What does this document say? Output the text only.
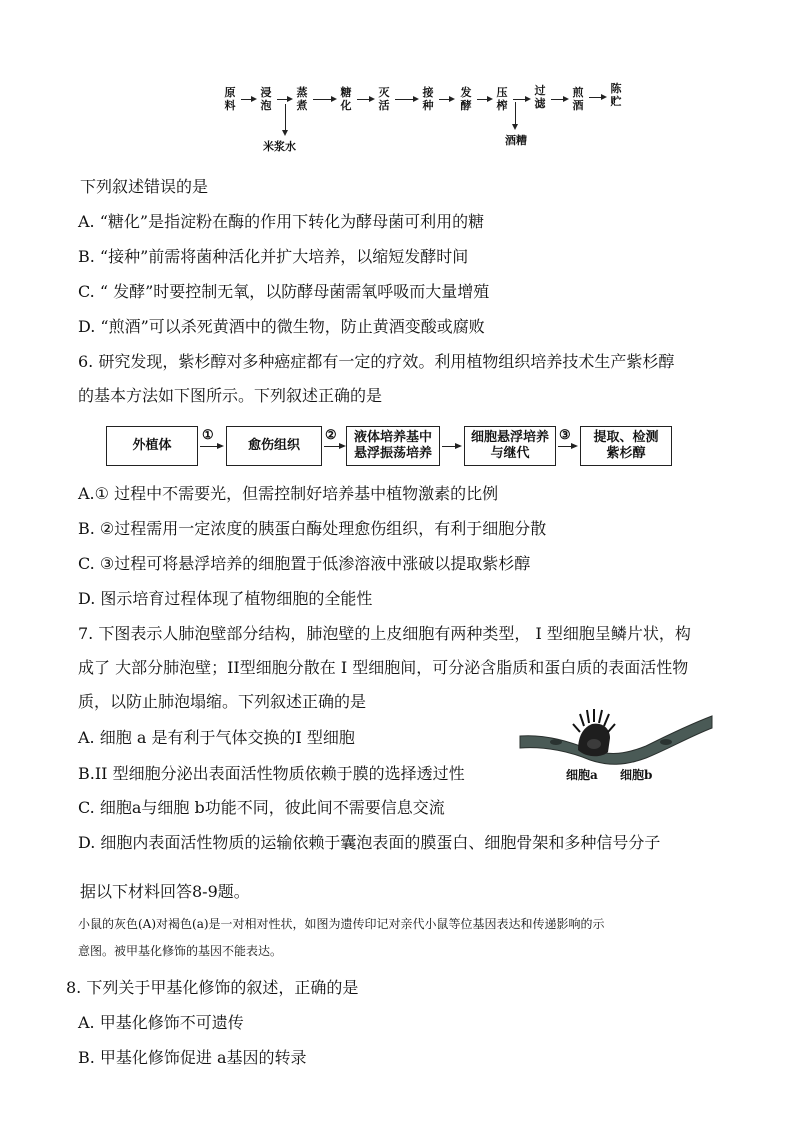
原料
浸泡
蒸煮
米浆水
糖化
灭活
接种
发酵
压榨
酒糟
过滤
煎酒
陈贮
下列叙述错误的是
A. “糖化”是指淀粉在酶的作用下转化为酵母菌可利用的糖
B. “接种”前需将菌种活化并扩大培养，以缩短发酵时间
C. “ 发酵”时要控制无氧，以防酵母菌需氧呼吸而大量增殖
D. “煎酒”可以杀死黄酒中的微生物，防止黄酒变酸或腐败
6. 研究发现，紫杉醇对多种癌症都有一定的疗效。利用植物组织培养技术生产紫杉醇
的基本方法如下图所示。下列叙述正确的是
外植体
①
愈伤组织
② 液体培养基中
悬浮振荡培养
细胞悬浮培养
与继代
③ 提取、检测
紫杉醇
A.① 过程中不需要光，但需控制好培养基中植物激素的比例
B. ②过程需用一定浓度的胰蛋白酶处理愈伤组织，有利于细胞分散
C. ③过程可将悬浮培养的细胞置于低渗溶液中涨破以提取紫杉醇
D. 图示培育过程体现了植物细胞的全能性
7. 下图表示人肺泡壁部分结构，肺泡壁的上皮细胞有两种类型， I 型细胞呈鳞片状，构
成了 大部分肺泡壁；II型细胞分散在 I 型细胞间，可分泌含脂质和蛋白质的表面活性物
质，以防止肺泡塌缩。下列叙述正确的是
细胞a 细胞b
A. 细胞 a 是有利于气体交换的I 型细胞
B.II 型细胞分泌出表面活性物质依赖于膜的选择透过性
C. 细胞a与细胞 b功能不同，彼此间不需要信息交流
D. 细胞内表面活性物质的运输依赖于囊泡表面的膜蛋白、细胞骨架和多种信号分子
据以下材料回答8-9题。
小鼠的灰色(A)对褐色(a)是一对相对性状，如图为遗传印记对亲代小鼠等位基因表达和传递影响的示
意图。被甲基化修饰的基因不能表达。
8. 下列关于甲基化修饰的叙述，正确的是
A. 甲基化修饰不可遗传
B. 甲基化修饰促进 a基因的转录
